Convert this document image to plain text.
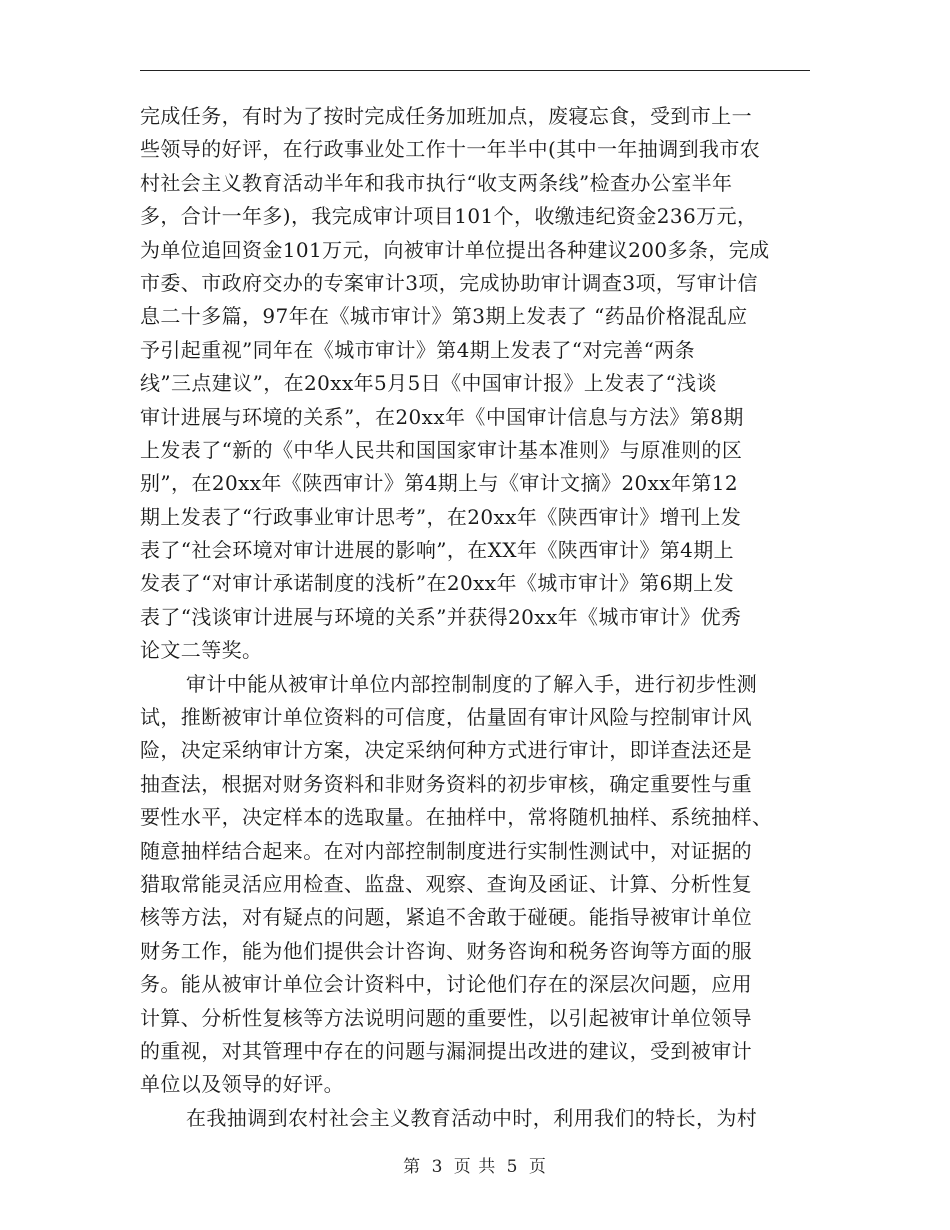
完成任务，有时为了按时完成任务加班加点，废寝忘食，受到市上一
些领导的好评，在行政事业处工作十一年半中(其中一年抽调到我市农
村社会主义教育活动半年和我市执行“收支两条线”检查办公室半年
多，合计一年多)，我完成审计项目101个，收缴违纪资金236万元，
为单位追回资金101万元，向被审计单位提出各种建议200多条，完成
市委、市政府交办的专案审计3项，完成协助审计调查3项，写审计信
息二十多篇，97年在《城市审计》第3期上发表了 “药品价格混乱应
予引起重视”同年在《城市审计》第4期上发表了“对完善“两条
线”三点建议”，在20xx年5月5日《中国审计报》上发表了“浅谈
审计进展与环境的关系”，在20xx年《中国审计信息与方法》第8期
上发表了“新的《中华人民共和国国家审计基本准则》与原准则的区
别”，在20xx年《陕西审计》第4期上与《审计文摘》20xx年第12
期上发表了“行政事业审计思考”，在20xx年《陕西审计》增刊上发
表了“社会环境对审计进展的影响”，在XX年《陕西审计》第4期上
发表了“对审计承诺制度的浅析”在20xx年《城市审计》第6期上发
表了“浅谈审计进展与环境的关系”并获得20xx年《城市审计》优秀
论文二等奖。
审计中能从被审计单位内部控制制度的了解入手，进行初步性测
试，推断被审计单位资料的可信度，估量固有审计风险与控制审计风
险，决定采纳审计方案，决定采纳何种方式进行审计，即详查法还是
抽查法，根据对财务资料和非财务资料的初步审核，确定重要性与重
要性水平，决定样本的选取量。在抽样中，常将随机抽样、系统抽样、
随意抽样结合起来。在对内部控制制度进行实制性测试中，对证据的
猎取常能灵活应用检查、监盘、观察、查询及函证、计算、分析性复
核等方法，对有疑点的问题，紧追不舍敢于碰硬。能指导被审计单位
财务工作，能为他们提供会计咨询、财务咨询和税务咨询等方面的服
务。能从被审计单位会计资料中，讨论他们存在的深层次问题，应用
计算、分析性复核等方法说明问题的重要性，以引起被审计单位领导
的重视，对其管理中存在的问题与漏洞提出改进的建议，受到被审计
单位以及领导的好评。
在我抽调到农村社会主义教育活动中时，利用我们的特长，为村
第 3 页 共 5 页
